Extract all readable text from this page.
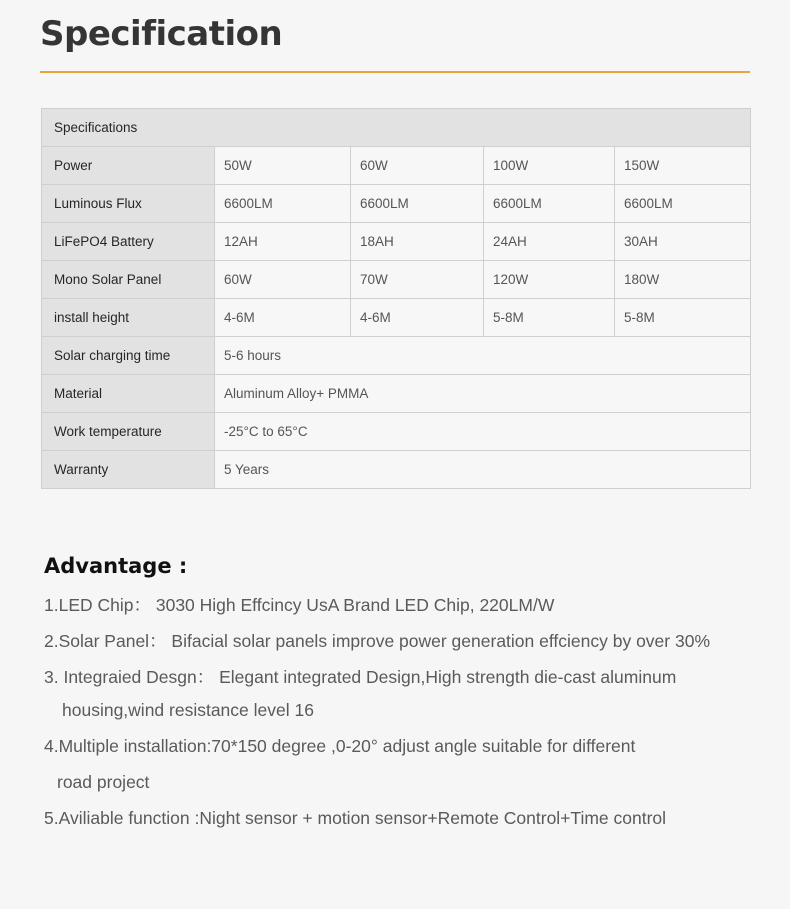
Specification
Specifications				
Power	50W	60W	100W	150W
Luminous Flux	6600LM	6600LM	6600LM	6600LM
LiFePO4 Battery	12AH	18AH	24AH	30AH
Mono Solar Panel	60W	70W	120W	180W
install height	4-6M	4-6M	5-8M	5-8M
Solar charging time	5-6 hours			
Material	Aluminum Alloy+ PMMA			
Work temperature	-25°C to 65°C			
Warranty	5 Years			
Advantage :
1.LED Chip： 3030 High Effcincy UsA Brand LED Chip, 220LM/W
2.Solar Panel： Bifacial solar panels improve power generation effciency by over 30%
3. Integraied Desgn： Elegant integrated Design,High strength die-cast aluminum
housing,wind resistance level 16
4.Multiple installation:70*150 degree ,0-20° adjust angle suitable for different
road project
5.Aviliable function :Night sensor + motion sensor+Remote Control+Time control
